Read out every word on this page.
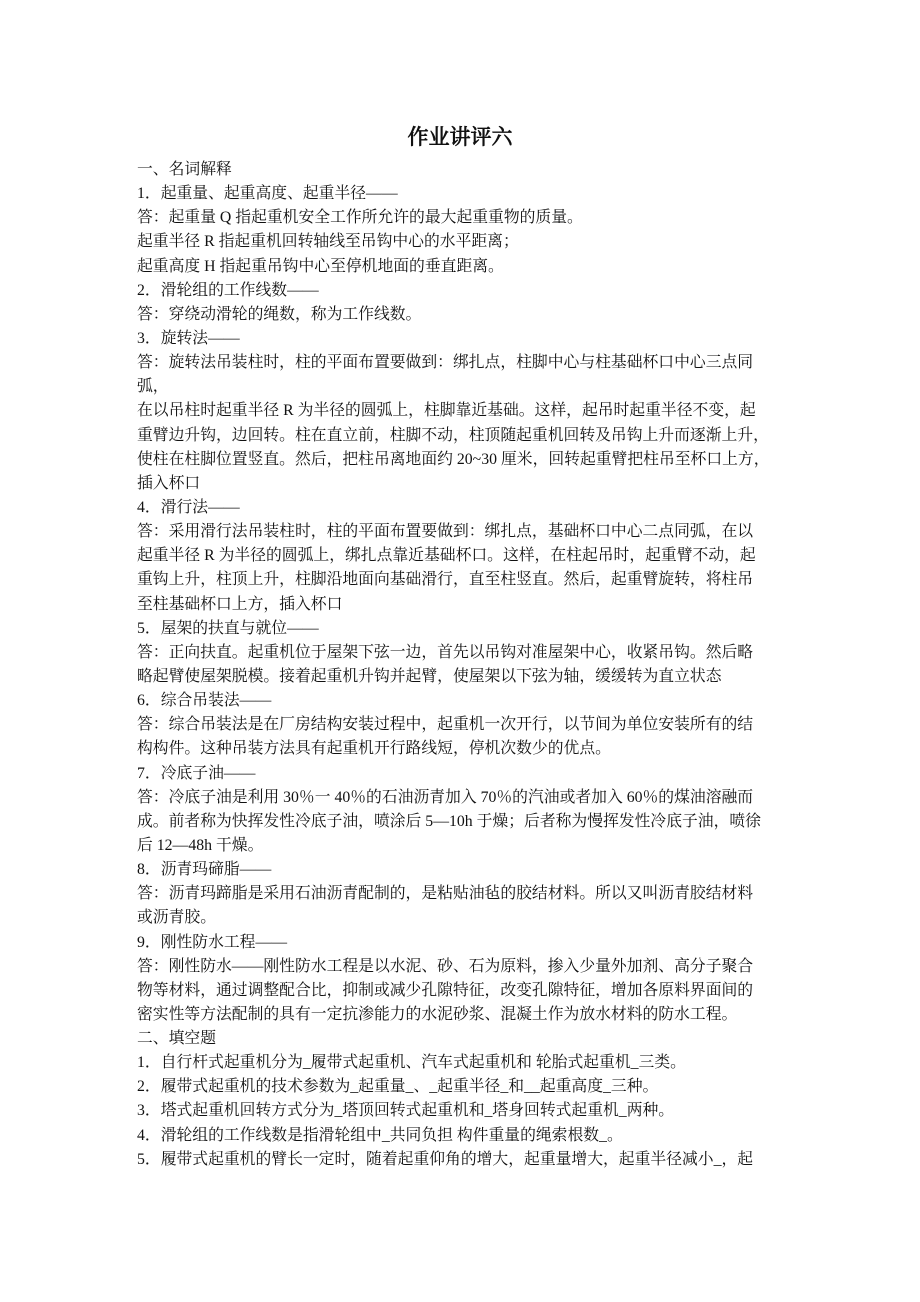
作业讲评六
一、名词解释
1．起重量、起重高度、起重半径——
答：起重量 Q 指起重机安全工作所允许的最大起重重物的质量。
起重半径 R 指起重机回转轴线至吊钩中心的水平距离；
起重高度 H 指起重吊钩中心至停机地面的垂直距离。
2．滑轮组的工作线数——
答：穿绕动滑轮的绳数，称为工作线数。
3．旋转法——
答：旋转法吊装柱时，柱的平面布置要做到：绑扎点，柱脚中心与柱基础杯口中心三点同
弧，
在以吊柱时起重半径 R 为半径的圆弧上，柱脚靠近基础。这样，起吊时起重半径不变，起
重臂边升钩，边回转。柱在直立前，柱脚不动，柱顶随起重机回转及吊钩上升而逐渐上升，
使柱在柱脚位置竖直。然后，把柱吊离地面约 20~30 厘米，回转起重臂把柱吊至杯口上方，
插入杯口
4．滑行法——
答：采用滑行法吊装柱时，柱的平面布置要做到：绑扎点，基础杯口中心二点同弧，在以
起重半径 R 为半径的圆弧上，绑扎点靠近基础杯口。这样，在柱起吊时，起重臂不动，起
重钩上升，柱顶上升，柱脚沿地面向基础滑行，直至柱竖直。然后，起重臂旋转，将柱吊
至柱基础杯口上方，插入杯口
5．屋架的扶直与就位——
答：正向扶直。起重机位于屋架下弦一边，首先以吊钩对准屋架中心，收紧吊钩。然后略
略起臂使屋架脱模。接着起重机升钩并起臂，使屋架以下弦为轴，缓缓转为直立状态
6．综合吊装法——
答：综合吊装法是在厂房结构安装过程中，起重机一次开行，以节间为单位安装所有的结
构构件。这种吊装方法具有起重机开行路线短，停机次数少的优点。
7．冷底子油——
答：冷底子油是利用 30％一 40％的石油沥青加入 70％的汽油或者加入 60％的煤油溶融而
成。前者称为快挥发性冷底子油，喷涂后 5—10h 于燥；后者称为慢挥发性冷底子油，喷徐
后 12—48h 干燥。
8．沥青玛碲脂——
答：沥青玛蹄脂是采用石油沥青配制的，是粘贴油毡的胶结材料。所以又叫沥青胶结材料
或沥青胶。
9．刚性防水工程——
答：刚性防水——刚性防水工程是以水泥、砂、石为原料，掺入少量外加剂、高分子聚合
物等材料，通过调整配合比，抑制或减少孔隙特征，改变孔隙特征，增加各原料界面间的
密实性等方法配制的具有一定抗渗能力的水泥砂浆、混凝土作为放水材料的防水工程。
二、填空题
1．自行杆式起重机分为_履带式起重机、汽车式起重机和 轮胎式起重机_三类。
2．履带式起重机的技术参数为_起重量_、_起重半径_和__起重高度_三种。
3．塔式起重机回转方式分为_塔顶回转式起重机和_塔身回转式起重机_两种。
4．滑轮组的工作线数是指滑轮组中_共同负担 构件重量的绳索根数_。
5．履带式起重机的臂长一定时，随着起重仰角的增大，起重量增大，起重半径减小_，起
